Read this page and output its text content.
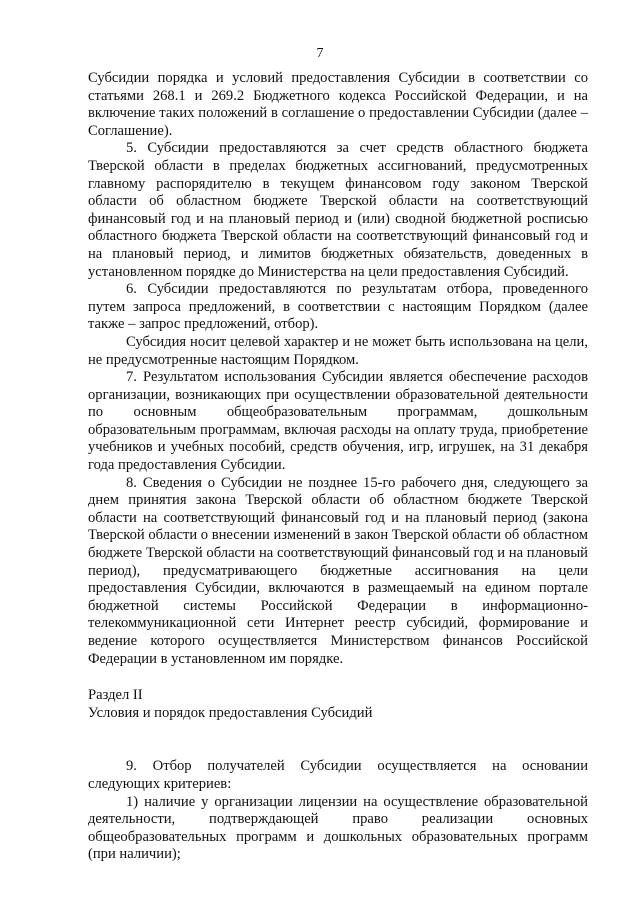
7

Субсидии порядка и условий предоставления Субсидии в соответствии со статьями 268.1 и 269.2 Бюджетного кодекса Российской Федерации, и на включение таких положений в соглашение о предоставлении Субсидии (далее – Соглашение).

5. Субсидии предоставляются за счет средств областного бюджета Тверской области в пределах бюджетных ассигнований, предусмотренных главному распорядителю в текущем финансовом году законом Тверской области об областном бюджете Тверской области на соответствующий финансовый год и на плановый период и (или) сводной бюджетной росписью областного бюджета Тверской области на соответствующий финансовый год и на плановый период, и лимитов бюджетных обязательств, доведенных в установленном порядке до Министерства на цели предоставления Субсидий.

6. Субсидии предоставляются по результатам отбора, проведенного путем запроса предложений, в соответствии с настоящим Порядком (далее также – запрос предложений, отбор).

Субсидия носит целевой характер и не может быть использована на цели, не предусмотренные настоящим Порядком.

7. Результатом использования Субсидии является обеспечение расходов организации, возникающих при осуществлении образовательной деятельности по основным общеобразовательным программам, дошкольным образовательным программам, включая расходы на оплату труда, приобретение учебников и учебных пособий, средств обучения, игр, игрушек, на 31 декабря года предоставления Субсидии.

8. Сведения о Субсидии не позднее 15-го рабочего дня, следующего за днем принятия закона Тверской области об областном бюджете Тверской области на соответствующий финансовый год и на плановый период (закона Тверской области о внесении изменений в закон Тверской области об областном бюджете Тверской области на соответствующий финансовый год и на плановый период), предусматривающего бюджетные ассигнования на цели предоставления Субсидии, включаются в размещаемый на едином портале бюджетной системы Российской Федерации в информационно-телекоммуникационной сети Интернет реестр субсидий, формирование и ведение которого осуществляется Министерством финансов Российской Федерации в установленном им порядке.

Раздел II

Условия и порядок предоставления Субсидий

9. Отбор получателей Субсидии осуществляется на основании следующих критериев:

1) наличие у организации лицензии на осуществление образовательной деятельности, подтверждающей право реализации основных общеобразовательных программ и дошкольных образовательных программ (при наличии);
